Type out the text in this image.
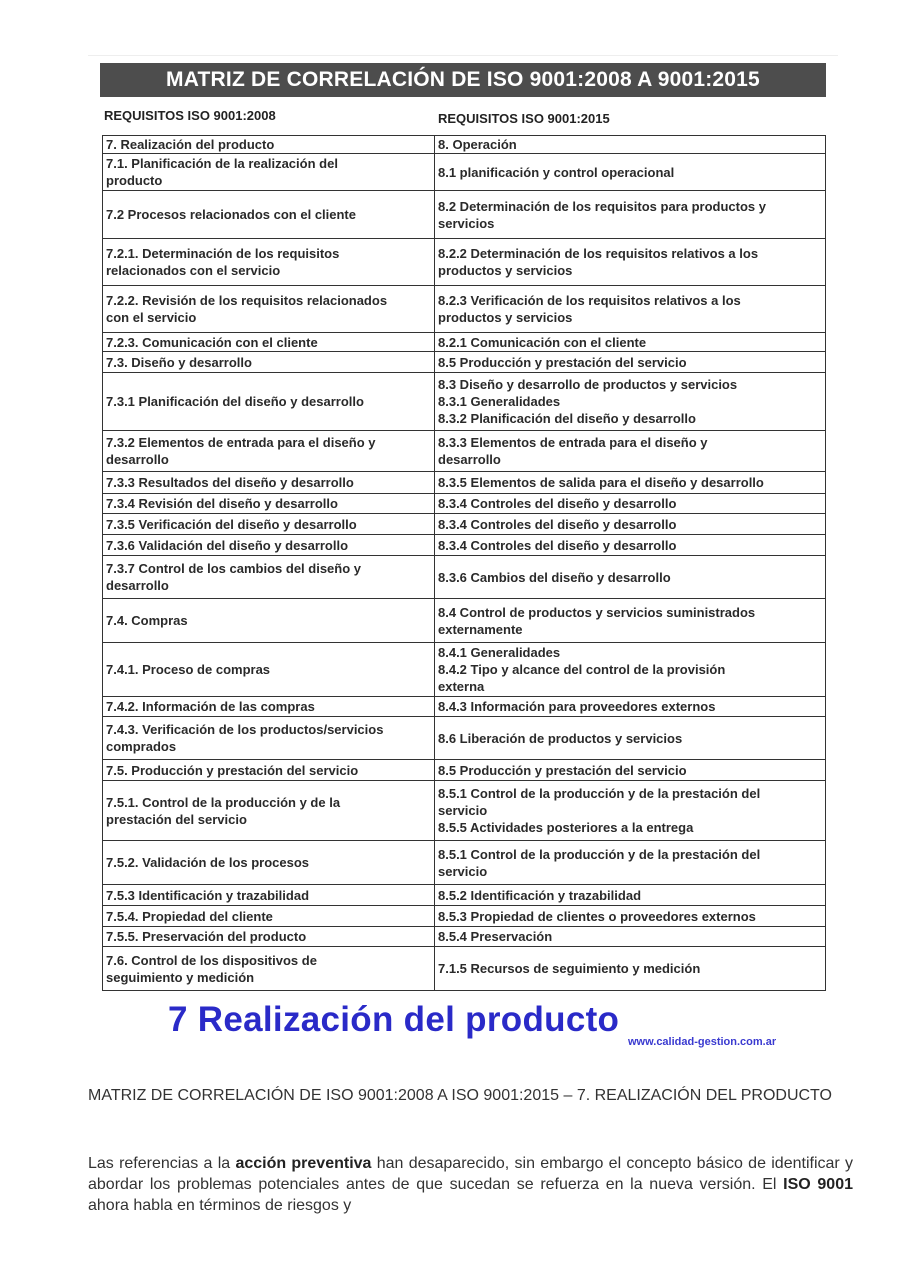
MATRIZ DE CORRELACIÓN DE ISO 9001:2008 A 9001:2015
REQUISITOS ISO 9001:2008	REQUISITOS ISO 9001:2015
7. Realización del producto	8. Operación

7.1. Planificación de la realización del
producto	8.1 planificación y control operacional

7.2 Procesos relacionados con el cliente	8.2 Determinación de los requisitos para productos y
servicios

7.2.1. Determinación de los requisitos
relacionados con el servicio	8.2.2 Determinación de los requisitos relativos a los
productos y servicios

7.2.2. Revisión de los requisitos relacionados
con el servicio	8.2.3 Verificación de los requisitos relativos a los
productos y servicios

7.2.3. Comunicación con el cliente	8.2.1 Comunicación con el cliente

7.3. Diseño y desarrollo	8.5 Producción y prestación del servicio

7.3.1 Planificación del diseño y desarrollo	8.3 Diseño y desarrollo de productos y servicios
8.3.1 Generalidades
8.3.2 Planificación del diseño y desarrollo

7.3.2 Elementos de entrada para el diseño y
desarrollo	8.3.3 Elementos de entrada para el diseño y
desarrollo

7.3.3 Resultados del diseño y desarrollo	8.3.5 Elementos de salida para el diseño y desarrollo

7.3.4 Revisión del diseño y desarrollo	8.3.4 Controles del diseño y desarrollo

7.3.5 Verificación del diseño y desarrollo	8.3.4 Controles del diseño y desarrollo

7.3.6 Validación del diseño y desarrollo	8.3.4 Controles del diseño y desarrollo

7.3.7 Control de los cambios del diseño y
desarrollo	8.3.6 Cambios del diseño y desarrollo

7.4. Compras	8.4 Control de productos y servicios suministrados
externamente

7.4.1. Proceso de compras	8.4.1 Generalidades
8.4.2 Tipo y alcance del control de la provisión
externa

7.4.2. Información de las compras	8.4.3 Información para proveedores externos

7.4.3. Verificación de los productos/servicios
comprados	8.6 Liberación de productos y servicios

7.5. Producción y prestación del servicio	8.5 Producción y prestación del servicio

7.5.1. Control de la producción y de la
prestación del servicio	8.5.1 Control de la producción y de la prestación del
servicio
8.5.5 Actividades posteriores a la entrega

7.5.2. Validación de los procesos	8.5.1 Control de la producción y de la prestación del
servicio

7.5.3 Identificación y trazabilidad	8.5.2 Identificación y trazabilidad

7.5.4. Propiedad del cliente	8.5.3 Propiedad de clientes o proveedores externos

7.5.5. Preservación del producto	8.5.4 Preservación

7.6. Control de los dispositivos de
seguimiento y medición	7.1.5 Recursos de seguimiento y medición
7 Realización del producto
www.calidad-gestion.com.ar
MATRIZ DE CORRELACIÓN DE ISO 9001:2008 A ISO 9001:2015 – 7. REALIZACIÓN DEL PRODUCTO
Las referencias a la acción preventiva han desaparecido, sin embargo el concepto básico de identificar y abordar los problemas potenciales antes de que sucedan se refuerza en la nueva versión. El ISO 9001 ahora habla en términos de riesgos y
